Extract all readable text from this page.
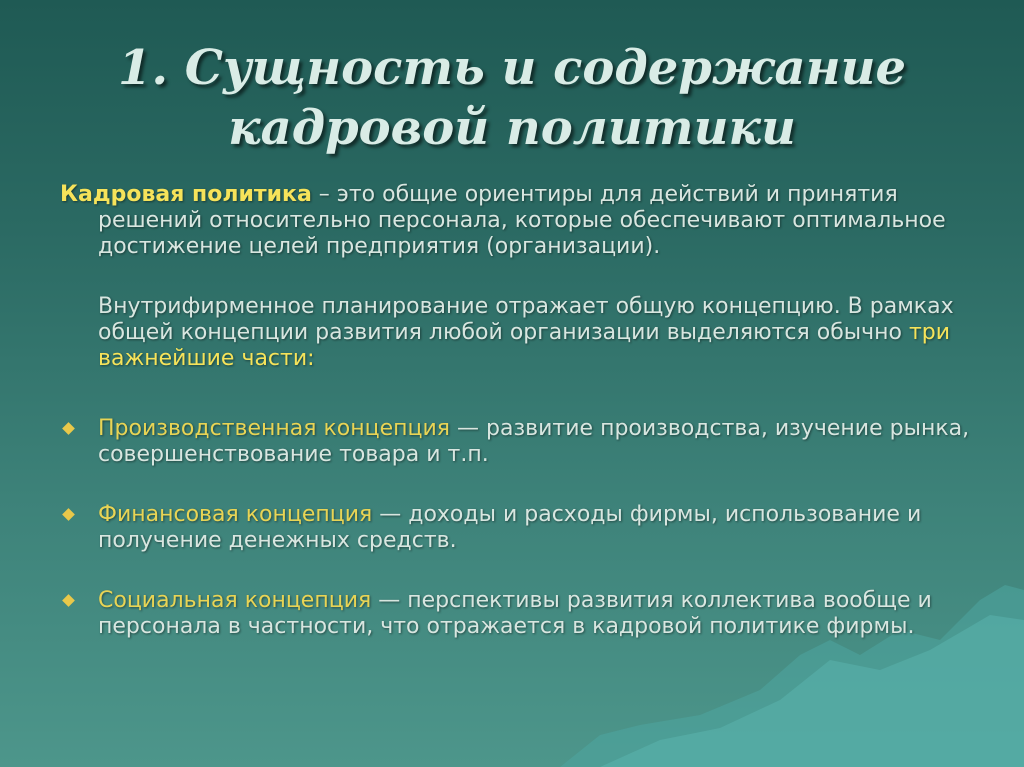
1. Сущность и содержание
кадровой политики

Кадровая политика – это общие ориентиры для действий и принятия решений относительно персонала, которые обеспечивают оптимальное достижение целей предприятия (организации).

Внутрифирменное планирование отражает общую концепцию. В рамках общей концепции развития любой организации выделяются обычно три важнейшие части:

Производственная концепция — развитие производства, изучение рынка, совершенствование товара и т.п.
Финансовая концепция — доходы и расходы фирмы, использование и получение денежных средств.
Социальная концепция — перспективы развития коллектива вообще и персонала в частности, что отражается в кадровой политике фирмы.
